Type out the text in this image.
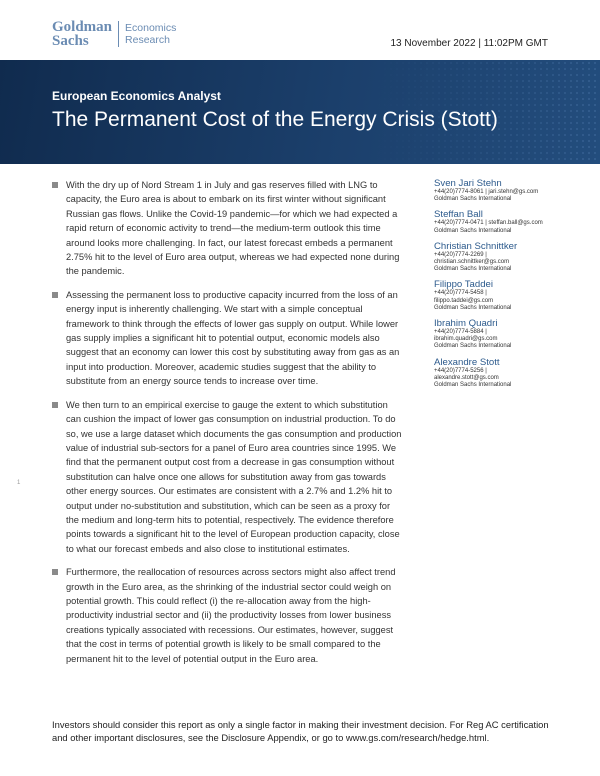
Goldman
Sachs
Economics
Research	13 November 2022 | 11:02PM GMT
European Economics Analyst
The Permanent Cost of the Energy Crisis (Stott)
With the dry up of Nord Stream 1 in July and gas reserves filled with LNG to capacity, the Euro area is about to embark on its first winter without significant Russian gas flows. Unlike the Covid-19 pandemic—for which we had expected a rapid return of economic activity to trend—the medium-term outlook this time around looks more challenging. In fact, our latest forecast embeds a permanent 2.75% hit to the level of Euro area output, whereas we had expected none during the pandemic.
Assessing the permanent loss to productive capacity incurred from the loss of an energy input is inherently challenging. We start with a simple conceptual framework to think through the effects of lower gas supply on output. While lower gas supply implies a significant hit to potential output, economic models also suggest that an economy can lower this cost by substituting away from gas as an input into production. Moreover, academic studies suggest that the ability to substitute from an energy source tends to increase over time.
We then turn to an empirical exercise to gauge the extent to which substitution can cushion the impact of lower gas consumption on industrial production. To do so, we use a large dataset which documents the gas consumption and production value of industrial sub-sectors for a panel of Euro area countries since 1995. We find that the permanent output cost from a decrease in gas consumption without substitution can halve once one allows for substitution away from gas towards other energy sources. Our estimates are consistent with a 2.7% and 1.2% hit to output under no-substitution and substitution, which can be seen as a proxy for the medium and long-term hits to potential, respectively. The evidence therefore points towards a significant hit to the level of European production capacity, close to what our forecast embeds and also close to institutional estimates.
Furthermore, the reallocation of resources across sectors might also affect trend growth in the Euro area, as the shrinking of the industrial sector could weigh on potential growth. This could reflect (i) the re-allocation away from the high-productivity industrial sector and (ii) the productivity losses from lower business creations typically associated with recessions. Our estimates, however, suggest that the cost in terms of potential growth is likely to be small compared to the permanent hit to the level of potential output in the Euro area.
Sven Jari Stehn
+44(20)7774-8061 | jari.stehn@gs.com
Goldman Sachs International
Steffan Ball
+44(20)7774-0471 | steffan.ball@gs.com
Goldman Sachs International
Christian Schnittker
+44(20)7774-2269 |
christian.schnittker@gs.com
Goldman Sachs International
Filippo Taddei
+44(20)7774-5458 |
filippo.taddei@gs.com
Goldman Sachs International
Ibrahim Quadri
+44(20)7774-5884 |
ibrahim.quadri@gs.com
Goldman Sachs International
Alexandre Stott
+44(20)7774-5256 |
alexandre.stott@gs.com
Goldman Sachs International
1
Investors should consider this report as only a single factor in making their investment decision. For Reg AC certification and other important disclosures, see the Disclosure Appendix, or go to www.gs.com/research/hedge.html.
